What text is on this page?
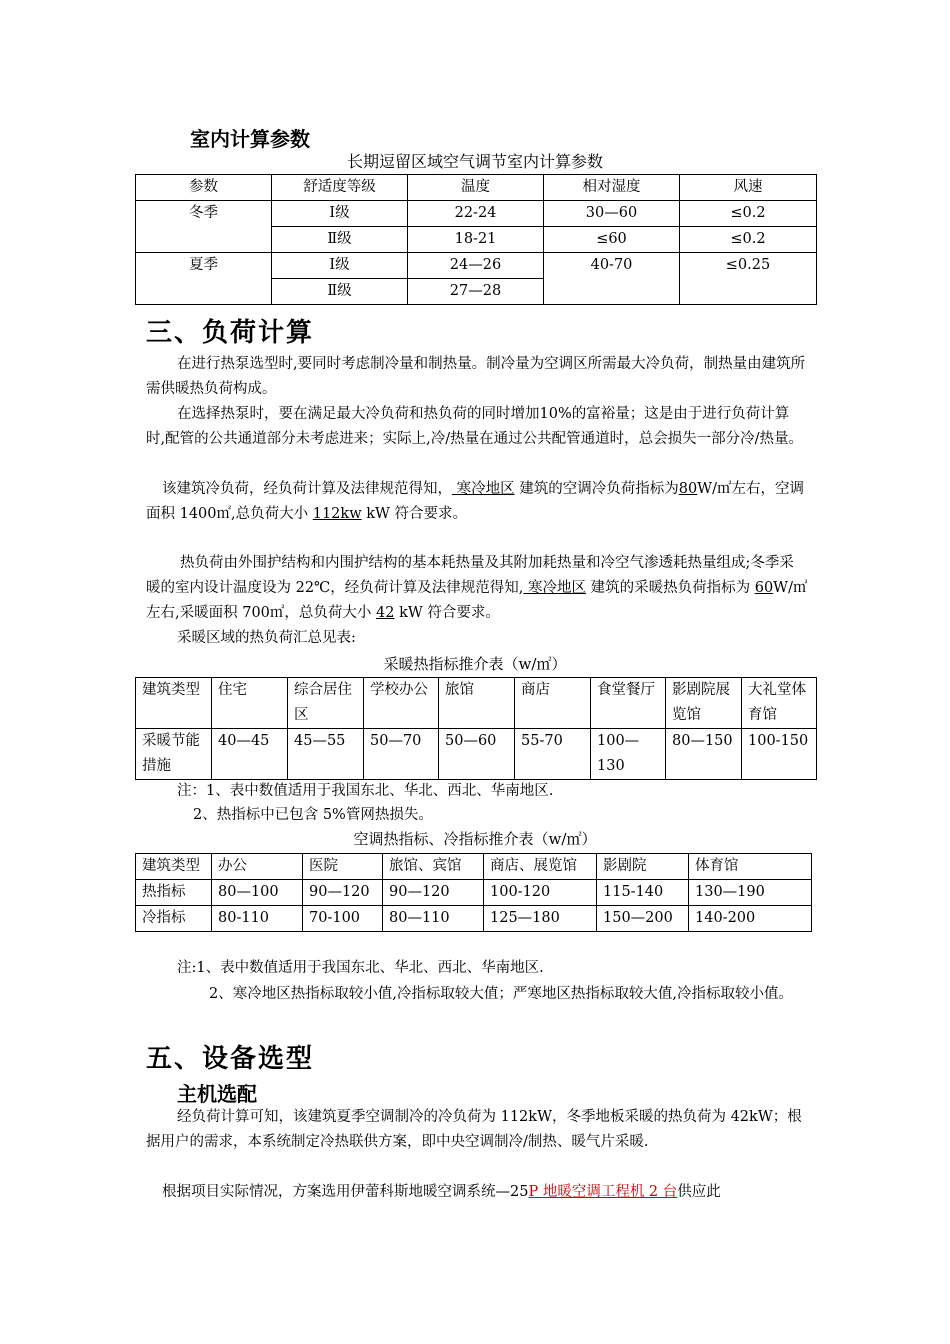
室内计算参数
长期逗留区域空气调节室内计算参数
参数	舒适度等级	温度	相对湿度	风速
冬季	Ⅰ级	22-24	30—60	≤0.2
	Ⅱ级	18-21	≤60	≤0.2
夏季	Ⅰ级	24—26	40-70	≤0.25
	Ⅱ级	27—28		
三、负荷计算
在进行热泵选型时,要同时考虑制冷量和制热量。制冷量为空调区所需最大冷负荷，制热量由建筑所需供暖热负荷构成。
在选择热泵时，要在满足最大冷负荷和热负荷的同时增加10%的富裕量；这是由于进行负荷计算时,配管的公共通道部分未考虑进来；实际上,冷/热量在通过公共配管通道时，总会损失一部分冷/热量。
该建筑冷负荷，经负荷计算及法律规范得知， 寒冷地区 建筑的空调冷负荷指标为80W/㎡左右，空调面积 1400㎡,总负荷大小 112kw kW 符合要求。
热负荷由外围护结构和内围护结构的基本耗热量及其附加耗热量和冷空气渗透耗热量组成;冬季采暖的室内设计温度设为 22℃，经负荷计算及法律规范得知, 寒冷地区 建筑的采暖热负荷指标为 60W/㎡左右,采暖面积 700㎡，总负荷大小 42 kW 符合要求。
采暖区域的热负荷汇总见表:
采暖热指标推介表（w/㎡）
建筑类型	住宅	综合居住区	学校办公	旅馆	商店	食堂餐厅	影剧院展览馆	大礼堂体育馆
采暖节能措施	40—45	45—55	50—70	50—60	55-70	100—130	80—150	100-150
注：1、表中数值适用于我国东北、华北、西北、华南地区.
2、热指标中已包含 5%管网热损失。
空调热指标、冷指标推介表（w/㎡）
建筑类型	办公	医院	旅馆、宾馆	商店、展览馆	影剧院	体育馆
热指标	80—100	90—120	90—120	100-120	115-140	130—190
冷指标	80-110	70-100	80—110	125—180	150—200	140-200
注:1、表中数值适用于我国东北、华北、西北、华南地区.
2、寒冷地区热指标取较小值,冷指标取较大值；严寒地区热指标取较大值,冷指标取较小值。
五、设备选型
主机选配
经负荷计算可知，该建筑夏季空调制冷的冷负荷为 112kW，冬季地板采暖的热负荷为 42kW；根据用户的需求，本系统制定冷热联供方案，即中央空调制冷/制热、暖气片采暖.
根据项目实际情况，方案选用伊蕾科斯地暖空调系统—25P 地暖空调工程机 2 台供应此
